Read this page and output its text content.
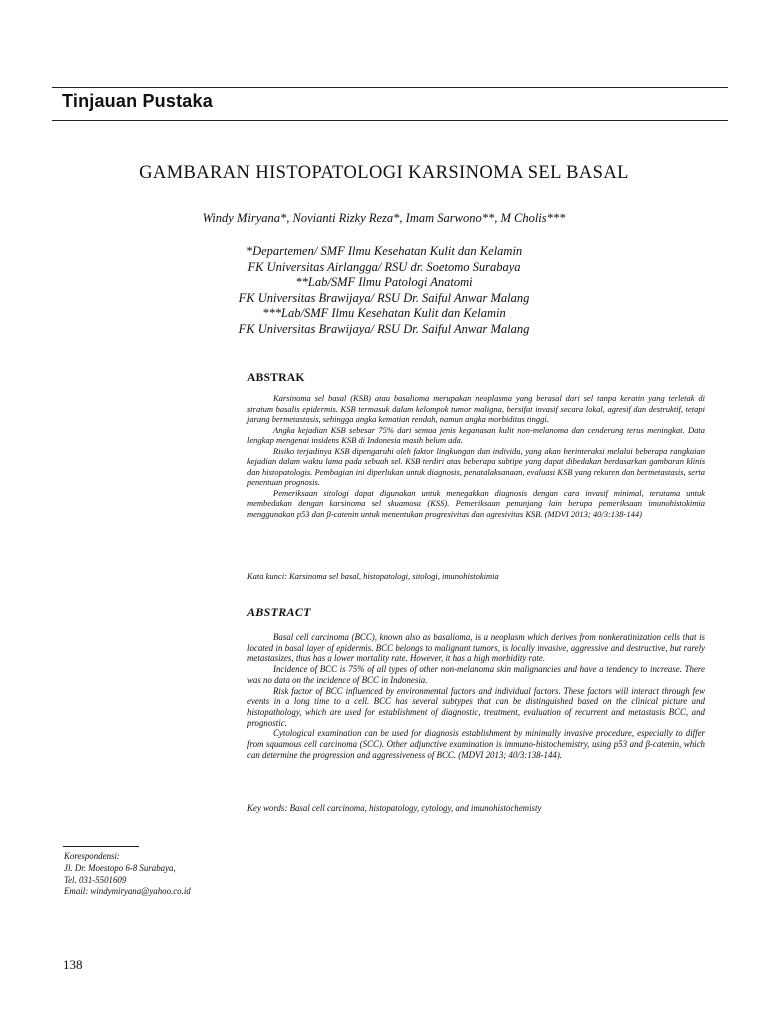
Tinjauan Pustaka
GAMBARAN HISTOPATOLOGI KARSINOMA SEL BASAL
Windy Miryana*, Novianti Rizky Reza*, Imam Sarwono**, M Cholis***
*Departemen/ SMF Ilmu Kesehatan Kulit dan Kelamin
FK Universitas Airlangga/ RSU dr. Soetomo Surabaya
**Lab/SMF Ilmu Patologi Anatomi
FK Universitas Brawijaya/ RSU Dr. Saiful Anwar Malang
***Lab/SMF Ilmu Kesehatan Kulit dan Kelamin
FK Universitas Brawijaya/ RSU Dr. Saiful Anwar Malang
ABSTRAK

Karsinoma sel basal (KSB) atau basalioma merupakan neoplasma yang berasal dari sel tanpa keratin yang terletak di stratum basalis epidermis. KSB termasuk dalam kelompok tumor maligna, bersifat invasif secara lokal, agresif dan destruktif, tetapi jarang bermetastasis, sehingga angka kematian rendah, namun angka morbiditas tinggi.

Angka kejadian KSB sebesar 75% dari semua jenis keganasan kulit non-melanoma dan cenderung terus meningkat. Data lengkap mengenai insidens KSB di Indonesia masih belum ada.

Risiko terjadinya KSB dipengaruhi oleh faktor lingkungan dan individu, yang akan berinteraksi melalui beberapa rangkaian kejadian dalam waktu lama pada sebuah sel. KSB terdiri atas beberapa subtipe yang dapat dibedakan berdasarkan gambaran klinis dan histopatologis. Pembagian ini diperlukan untuk diagnosis, penatalaksanaan, evaluasi KSB yang rekuren dan bermetastasis, serta penentuan prognosis.

Pemeriksaan sitologi dapat digunakan untuk menegakkan diagnosis dengan cara invasif minimal, terutama untuk membedakan dengan karsinoma sel skuamosa (KSS). Pemeriksaan penunjang lain berupa pemeriksaan imunohistokimia menggunakan p53 dan β-catenin untuk menentukan progresivitas dan agresivitas KSB. (MDVI 2013; 40/3:138-144)

Kata kunci: Karsinoma sel basal, histopatologi, sitologi, imunohistokimia
ABSTRACT

Basal cell carcinoma (BCC), known also as basalioma, is a neoplasm which derives from nonkeratinization cells that is located in basal layer of epidermis. BCC belongs to malignant tumors, is locally invasive, aggressive and destructive, but rarely metastasizes, thus has a lower mortality rate. However, it has a high morbidity rate.

Incidence of BCC is 75% of all types of other non-melanoma skin malignancies and have a tendency to increase. There was no data on the incidence of BCC in Indonesia.

Risk factor of BCC influenced by environmental factors and individual factors. These factors will interact through few events in a long time to a cell. BCC has several subtypes that can be distinguished based on the clinical picture and histopathology, which are used for establishment of diagnostic, treatment, evaluation of recurrent and metastasis BCC, and prognostic.

Cytological examination can be used for diagnosis establishment by minimally invasive procedure, especially to differ from squamous cell carcinoma (SCC). Other adjunctive examination is immuno-histochemistry, using p53 and β-catenin, which can determine the progression and aggressiveness of BCC. (MDVI 2013; 40/3:138-144).

Key words: Basal cell carcinoma, histopatology, cytology, and imunohistochemisty
Korespondensi:
Jl. Dr. Moestopo 6-8 Surabaya,
Tel. 031-5501609
Email: windymiryana@yahoo.co.id
138
